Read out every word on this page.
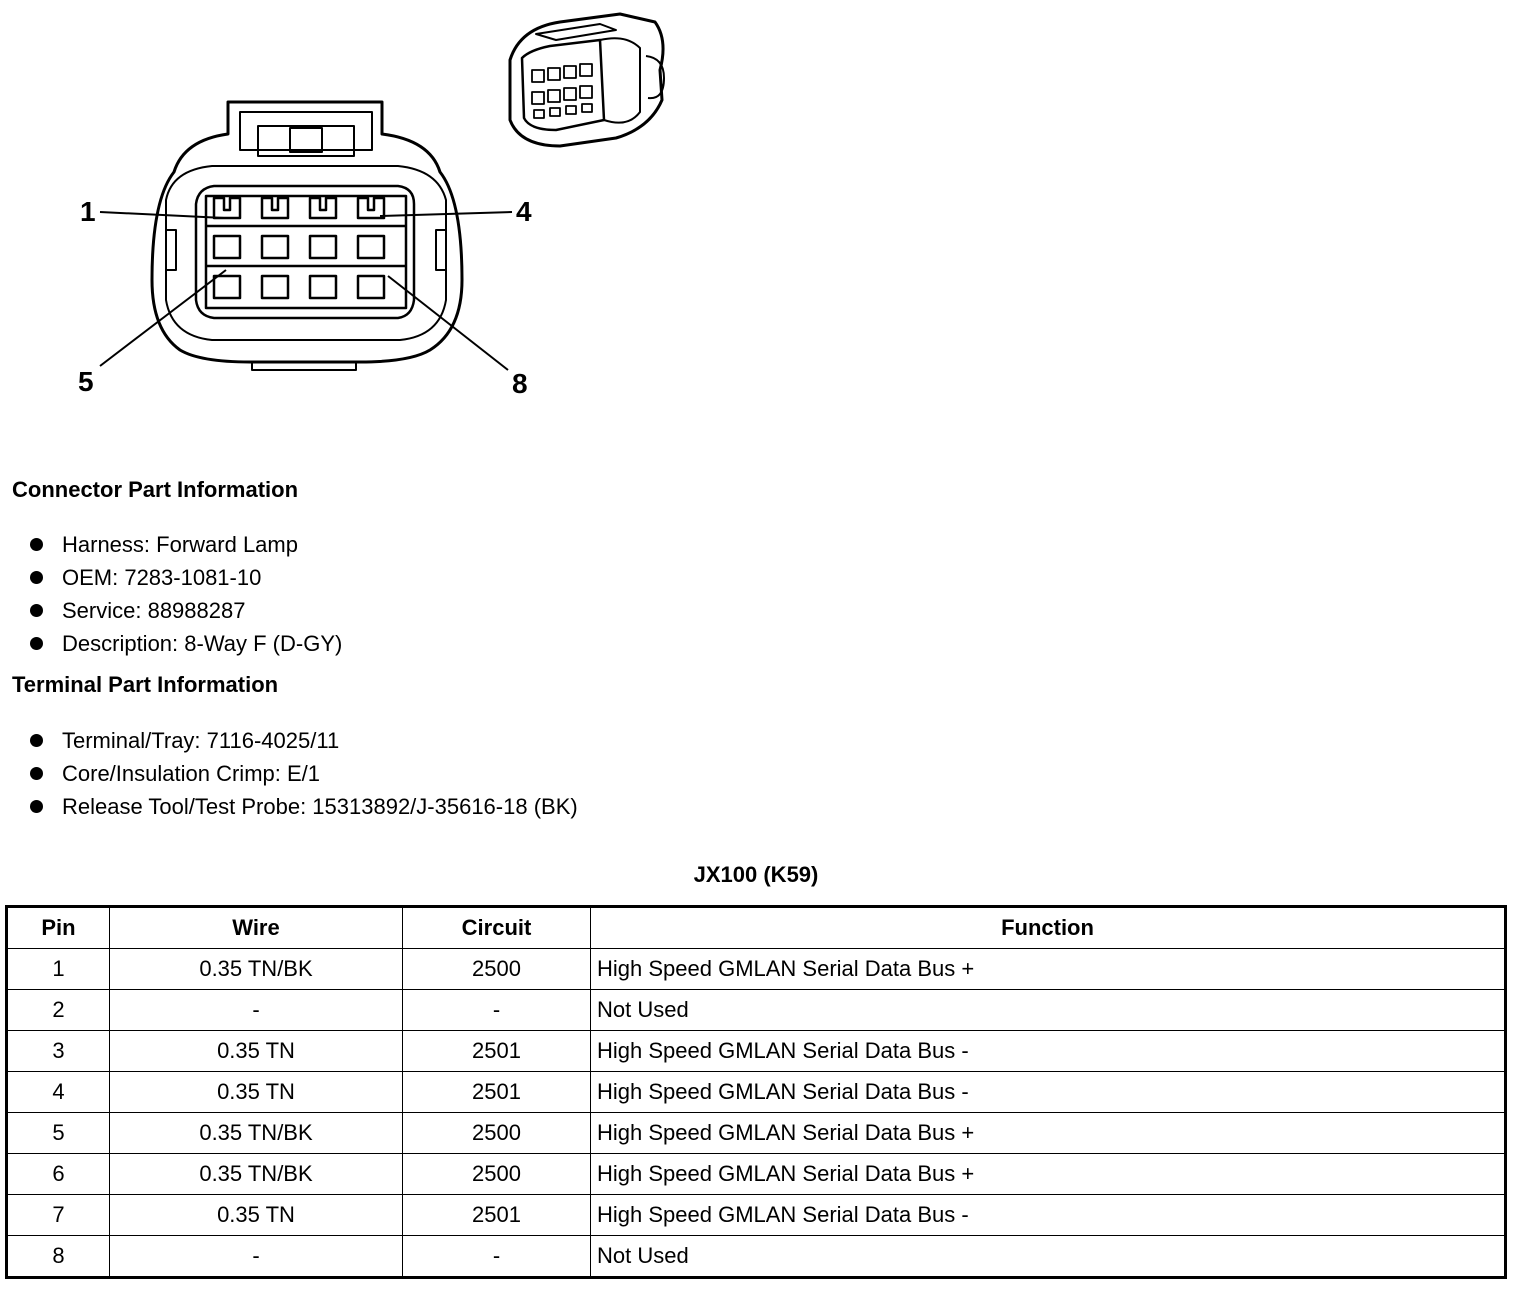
1	4
5	8
Connector Part Information
Harness: Forward Lamp
OEM: 7283-1081-10
Service: 88988287
Description: 8-Way F (D-GY)
Terminal Part Information
Terminal/Tray: 7116-4025/11
Core/Insulation Crimp: E/1
Release Tool/Test Probe: 15313892/J-35616-18 (BK)
JX100 (K59)
Pin	Wire	Circuit	Function
1	0.35 TN/BK	2500	High Speed GMLAN Serial Data Bus +
2	-	-	Not Used
3	0.35 TN	2501	High Speed GMLAN Serial Data Bus -
4	0.35 TN	2501	High Speed GMLAN Serial Data Bus -
5	0.35 TN/BK	2500	High Speed GMLAN Serial Data Bus +
6	0.35 TN/BK	2500	High Speed GMLAN Serial Data Bus +
7	0.35 TN	2501	High Speed GMLAN Serial Data Bus -
8	-	-	Not Used
